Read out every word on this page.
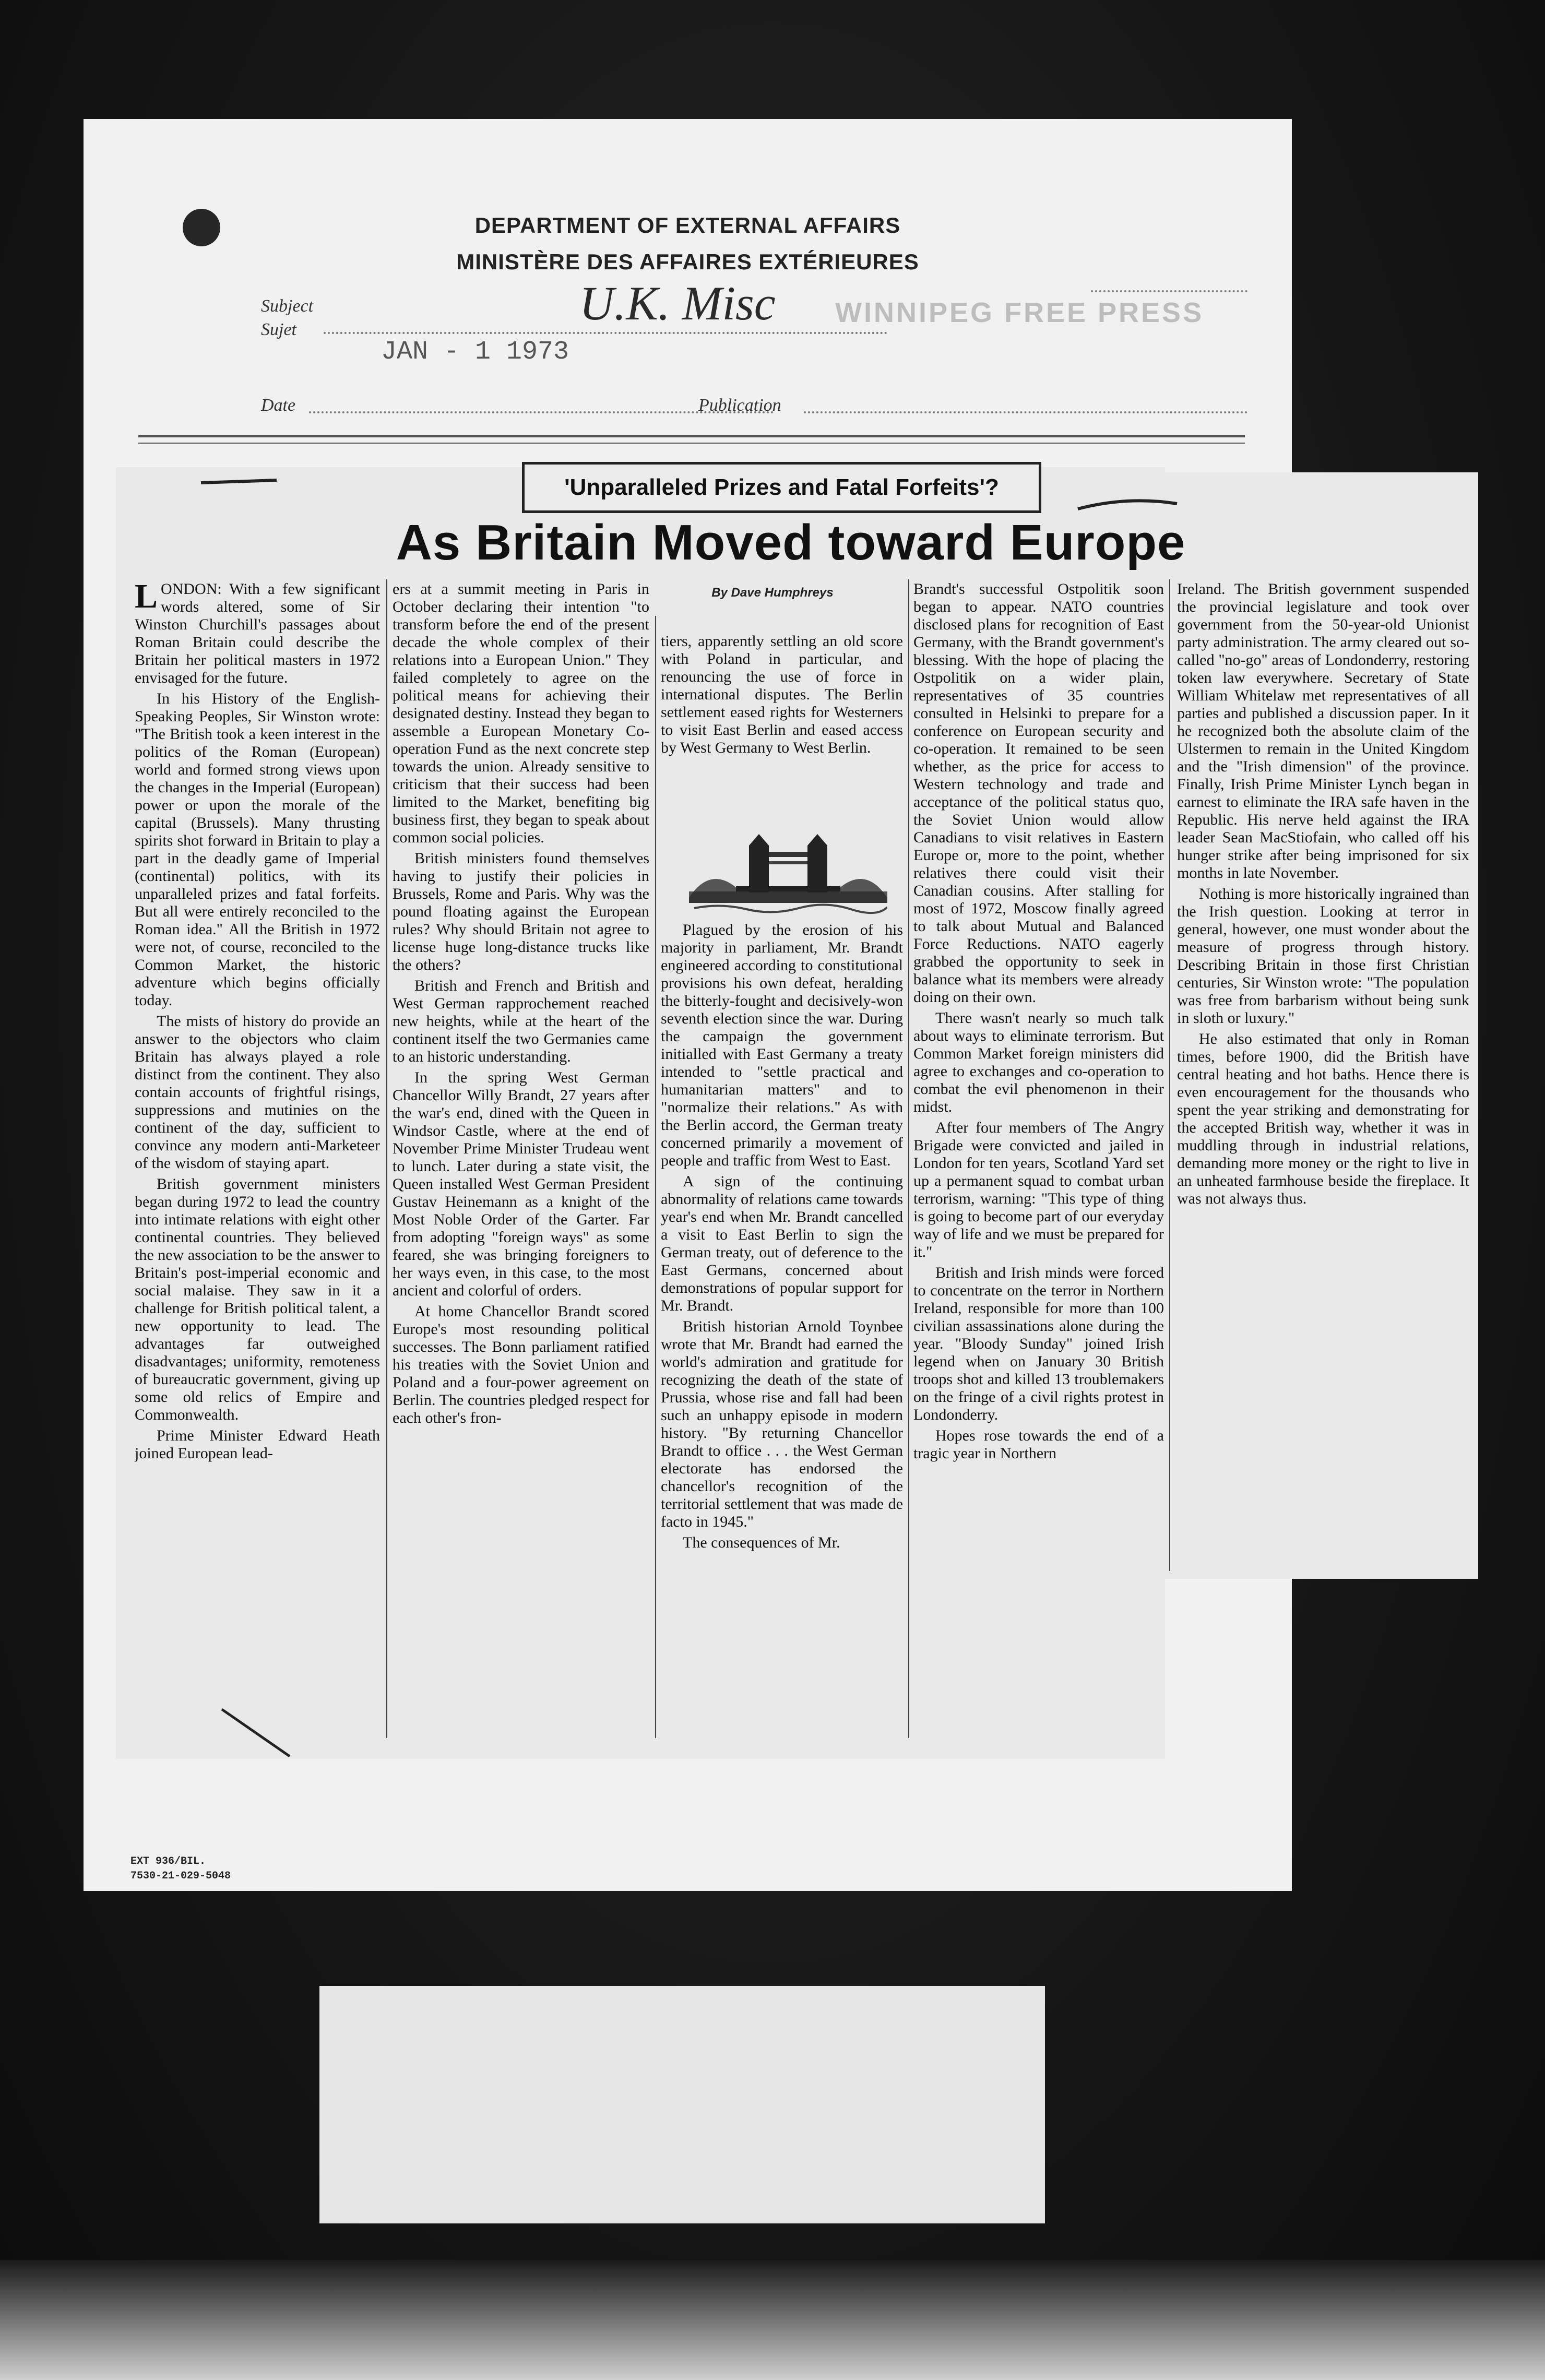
DEPARTMENT OF EXTERNAL AFFAIRS
MINISTÈRE DES AFFAIRES EXTÉRIEURES
Subject
Sujet	U.K. Misc WINNIPEG FREE PRESS
JAN - 1 1973
Date	Publication
EXT 936/BIL.
7530-21-029-5048
'Unparalleled Prizes and Fatal Forfeits'?
As Britain Moved toward Europe
By Dave Humphreys

LONDON: With a few significant words altered, some of Sir Winston Churchill's passages about Roman Britain could describe the Britain her political masters in 1972 envisaged for the future.

In his History of the English-Speaking Peoples, Sir Winston wrote: "The British took a keen interest in the politics of the Roman (European) world and formed strong views upon the changes in the Imperial (European) power or upon the morale of the capital (Brussels). Many thrusting spirits shot forward in Britain to play a part in the deadly game of Imperial (continental) politics, with its unparalleled prizes and fatal forfeits. But all were entirely reconciled to the Roman idea." All the British in 1972 were not, of course, reconciled to the Common Market, the historic adventure which begins officially today.

The mists of history do provide an answer to the objectors who claim Britain has always played a role distinct from the continent. They also contain accounts of frightful risings, suppressions and mutinies on the continent of the day, sufficient to convince any modern anti-Marketeer of the wisdom of staying apart.

British government ministers began during 1972 to lead the country into intimate relations with eight other continental countries. They believed the new association to be the answer to Britain's post-imperial economic and social malaise. They saw in it a challenge for British political talent, a new opportunity to lead. The advantages far outweighed disadvantages; uniformity, remoteness of bureaucratic government, giving up some old relics of Empire and Commonwealth.

Prime Minister Edward Heath joined European lead-

ers at a summit meeting in Paris in October declaring their intention "to transform before the end of the present decade the whole complex of their relations into a European Union." They failed completely to agree on the political means for achieving their designated destiny. Instead they began to assemble a European Monetary Co-operation Fund as the next concrete step towards the union. Already sensitive to criticism that their success had been limited to the Market, benefiting big business first, they began to speak about common social policies.

British ministers found themselves having to justify their policies in Brussels, Rome and Paris. Why was the pound floating against the European rules? Why should Britain not agree to license huge long-distance trucks like the others?

British and French and British and West German rapprochement reached new heights, while at the heart of the continent itself the two Germanies came to an historic understanding.

In the spring West German Chancellor Willy Brandt, 27 years after the war's end, dined with the Queen in Windsor Castle, where at the end of November Prime Minister Trudeau went to lunch. Later during a state visit, the Queen installed West German President Gustav Heinemann as a knight of the Most Noble Order of the Garter. Far from adopting "foreign ways" as some feared, she was bringing foreigners to her ways even, in this case, to the most ancient and colorful of orders.

At home Chancellor Brandt scored Europe's most resounding political successes. The Bonn parliament ratified his treaties with the Soviet Union and Poland and a four-power agreement on Berlin. The countries pledged respect for each other's fron-

tiers, apparently settling an old score with Poland in particular, and renouncing the use of force in international disputes. The Berlin settlement eased rights for Westerners to visit East Berlin and eased access by West Germany to West Berlin.

Plagued by the erosion of his majority in parliament, Mr. Brandt engineered according to constitutional provisions his own defeat, heralding the bitterly-fought and decisively-won seventh election since the war. During the campaign the government initialled with East Germany a treaty intended to "settle practical and humanitarian matters" and to "normalize their relations." As with the Berlin accord, the German treaty concerned primarily a movement of people and traffic from West to East.

A sign of the continuing abnormality of relations came towards year's end when Mr. Brandt cancelled a visit to East Berlin to sign the German treaty, out of deference to the East Germans, concerned about demonstrations of popular support for Mr. Brandt.

British historian Arnold Toynbee wrote that Mr. Brandt had earned the world's admiration and gratitude for recognizing the death of the state of Prussia, whose rise and fall had been such an unhappy episode in modern history. "By returning Chancellor Brandt to office . . . the West German electorate has endorsed the chancellor's recognition of the territorial settlement that was made de facto in 1945."

The consequences of Mr.

Brandt's successful Ostpolitik soon began to appear. NATO countries disclosed plans for recognition of East Germany, with the Brandt government's blessing. With the hope of placing the Ostpolitik on a wider plain, representatives of 35 countries consulted in Helsinki to prepare for a conference on European security and co-operation. It remained to be seen whether, as the price for access to Western technology and trade and acceptance of the political status quo, the Soviet Union would allow Canadians to visit relatives in Eastern Europe or, more to the point, whether relatives there could visit their Canadian cousins. After stalling for most of 1972, Moscow finally agreed to talk about Mutual and Balanced Force Reductions. NATO eagerly grabbed the opportunity to seek in balance what its members were already doing on their own.

There wasn't nearly so much talk about ways to eliminate terrorism. But Common Market foreign ministers did agree to exchanges and co-operation to combat the evil phenomenon in their midst.

After four members of The Angry Brigade were convicted and jailed in London for ten years, Scotland Yard set up a permanent squad to combat urban terrorism, warning: "This type of thing is going to become part of our everyday way of life and we must be prepared for it."

British and Irish minds were forced to concentrate on the terror in Northern Ireland, responsible for more than 100 civilian assassinations alone during the year. "Bloody Sunday" joined Irish legend when on January 30 British troops shot and killed 13 troublemakers on the fringe of a civil rights protest in Londonderry.

Hopes rose towards the end of a tragic year in Northern

Ireland. The British government suspended the provincial legislature and took over government from the 50-year-old Unionist party administration. The army cleared out so-called "no-go" areas of Londonderry, restoring token law everywhere. Secretary of State William Whitelaw met representatives of all parties and published a discussion paper. In it he recognized both the absolute claim of the Ulstermen to remain in the United Kingdom and the "Irish dimension" of the province. Finally, Irish Prime Minister Lynch began in earnest to eliminate the IRA safe haven in the Republic. His nerve held against the IRA leader Sean MacStiofain, who called off his hunger strike after being imprisoned for six months in late November.

Nothing is more historically ingrained than the Irish question. Looking at terror in general, however, one must wonder about the measure of progress through history. Describing Britain in those first Christian centuries, Sir Winston wrote: "The population was free from barbarism without being sunk in sloth or luxury."

He also estimated that only in Roman times, before 1900, did the British have central heating and hot baths. Hence there is even encouragement for the thousands who spent the year striking and demonstrating for the accepted British way, whether it was in muddling through in industrial relations, demanding more money or the right to live in an unheated farmhouse beside the fireplace. It was not always thus.
